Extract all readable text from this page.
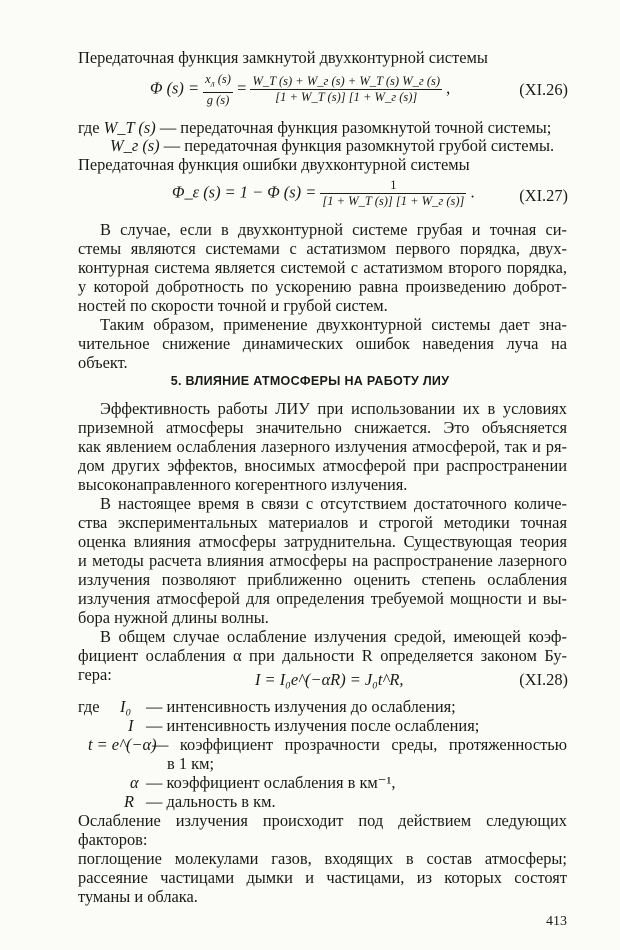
Передаточная функция замкнутой двухконтурной системы
Φ $(s) = \frac{x_л (s)}{g (s)} = \frac{W\_T (s) + W\_г (s) + W\_T (s) W\_г (s)}{[1 + W\_T (s)] [1 + W\_г (s)]}$ ,	(XI.26)
где W_T (s) — передаточная функция разомкнутой точной системы;
W_г (s) — передаточная функция разомкнутой грубой системы.
Передаточная функция ошибки двухконтурной системы
Φ_ε (s) = 1 − Φ $(s) = \frac{1}{[1 + W\_T (s)] [1 + W\_г (s)]}$ .	(XI.27)
В случае, если в двухконтурной системе грубая и точная си-
стемы являются системами с астатизмом первого порядка, двух-
контурная система является системой с астатизмом второго порядка,
у которой добротность по ускорению равна произведению доброт-
ностей по скорости точной и грубой систем.
Таким образом, применение двухконтурной системы дает зна-
чительное снижение динамических ошибок наведения луча на
объект.
5. ВЛИЯНИЕ АТМОСФЕРЫ НА РАБОТУ ЛИУ
Эффективность работы ЛИУ при использовании их в условиях
приземной атмосферы значительно снижается. Это объясняется
как явлением ослабления лазерного излучения атмосферой, так и ря-
дом других эффектов, вносимых атмосферой при распространении
высоконаправленного когерентного излучения.
В настоящее время в связи с отсутствием достаточного количе-
ства экспериментальных материалов и строгой методики точная
оценка влияния атмосферы затруднительна. Существующая теория
и методы расчета влияния атмосферы на распространение лазерного
излучения позволяют приближенно оценить степень ослабления
излучения атмосферой для определения требуемой мощности и вы-
бора нужной длины волны.
В общем случае ослабление излучения средой, имеющей коэф-
фициент ослабления α при дальности R определяется законом Бу-
гера:	I = I₀e^(−αR) = J₀t^R,	(XI.28)
где I₀ — интенсивность излучения до ослабления;
I — интенсивность излучения после ослабления;
t = e^(−α)
— коэффициент прозрачности среды, протяженностью
в 1 км;
α — коэффициент ослабления в км⁻¹,
R — дальность в км.
Ослабление излучения происходит под действием следующих
факторов:
поглощение молекулами газов, входящих в состав атмосферы;
рассеяние частицами дымки и частицами, из которых состоят
туманы и облака.
413
